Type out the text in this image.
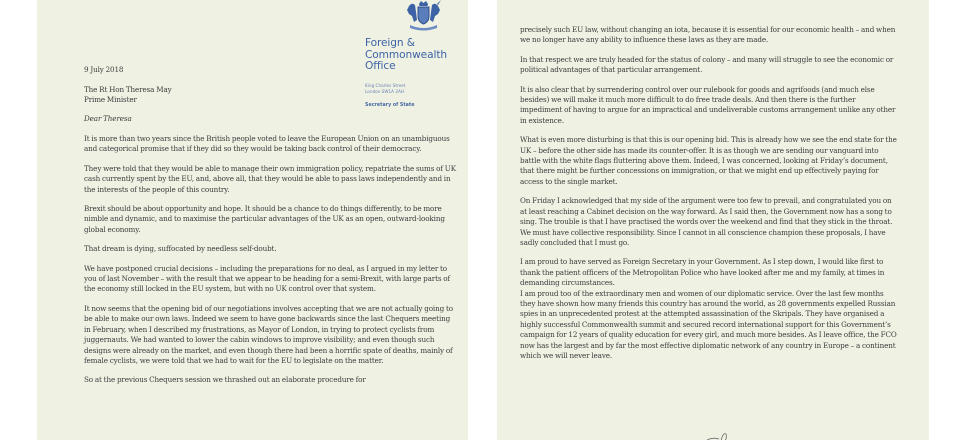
Foreign &
Commonwealth
Office
King Charles Street
London SW1A 2AH
Secretary of State
9 July 2018
The Rt Hon Theresa May
Prime Minister
Dear Theresa

It is more than two years since the British people voted to leave the European Union on an unambiguous and categorical promise that if they did so they would be taking back control of their democracy.

They were told that they would be able to manage their own immigration policy, repatriate the sums of UK cash currently spent by the EU, and, above all, that they would be able to pass laws independently and in the interests of the people of this country.

Brexit should be about opportunity and hope. It should be a chance to do things differently, to be more nimble and dynamic, and to maximise the particular advantages of the UK as an open, outward-looking global economy.

That dream is dying, suffocated by needless self-doubt.

We have postponed crucial decisions – including the preparations for no deal, as I argued in my letter to you of last November – with the result that we appear to be heading for a semi-Brexit, with large parts of the economy still locked in the EU system, but with no UK control over that system.

It now seems that the opening bid of our negotiations involves accepting that we are not actually going to be able to make our own laws. Indeed we seem to have gone backwards since the last Chequers meeting in February, when I described my frustrations, as Mayor of London, in trying to protect cyclists from juggernauts. We had wanted to lower the cabin windows to improve visibility; and even though such designs were already on the market, and even though there had been a horrific spate of deaths, mainly of female cyclists, we were told that we had to wait for the EU to legislate on the matter.

So at the previous Chequers session we thrashed out an elaborate procedure for

precisely such EU law, without changing an iota, because it is essential for our economic health – and when we no longer have any ability to influence these laws as they are made.

In that respect we are truly headed for the status of colony – and many will struggle to see the economic or political advantages of that particular arrangement.

It is also clear that by surrendering control over our rulebook for goods and agrifoods (and much else besides) we will make it much more difficult to do free trade deals. And then there is the further impediment of having to argue for an impractical and undeliverable customs arrangement unlike any other in existence.

What is even more disturbing is that this is our opening bid. This is already how we see the end state for the UK – before the other side has made its counter-offer. It is as though we are sending our vanguard into battle with the white flags fluttering above them. Indeed, I was concerned, looking at Friday’s document, that there might be further concessions on immigration, or that we might end up effectively paying for access to the single market.

On Friday I acknowledged that my side of the argument were too few to prevail, and congratulated you on at least reaching a Cabinet decision on the way forward. As I said then, the Government now has a song to sing. The trouble is that I have practised the words over the weekend and find that they stick in the throat.

We must have collective responsibility. Since I cannot in all conscience champion these proposals, I have sadly concluded that I must go.

I am proud to have served as Foreign Secretary in your Government. As I step down, I would like first to thank the patient officers of the Metropolitan Police who have looked after me and my family, at times in demanding circumstances.

I am proud too of the extraordinary men and women of our diplomatic service. Over the last few months they have shown how many friends this country has around the world, as 28 governments expelled Russian spies in an unprecedented protest at the attempted assassination of the Skripals. They have organised a highly successful Commonwealth summit and secured record international support for this Government’s campaign for 12 years of quality education for every girl, and much more besides. As I leave office, the FCO now has the largest and by far the most effective diplomatic network of any country in Europe – a continent which we will never leave.
